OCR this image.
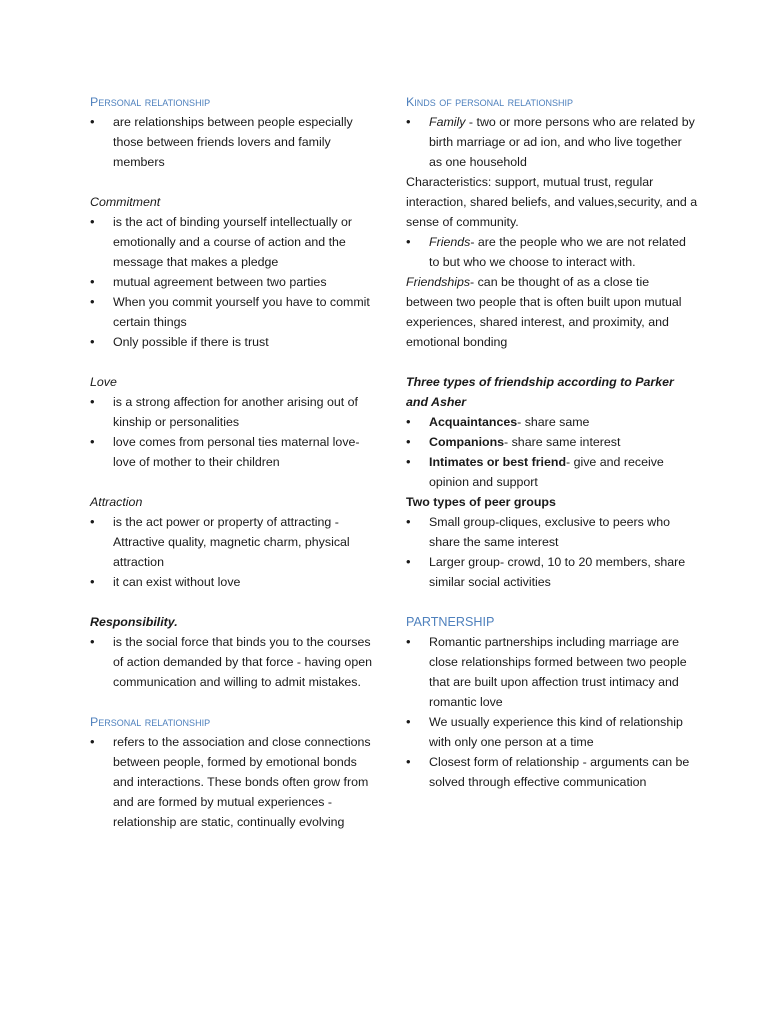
Personal relationship
• are relationships between people especially those between friends lovers and family members
Commitment
• is the act of binding yourself intellectually or emotionally and a course of action and the message that makes a pledge
• mutual agreement between two parties
• When you commit yourself you have to commit certain things
• Only possible if there is trust
Love
• is a strong affection for another arising out of kinship or personalities
• love comes from personal ties maternal love- love of mother to their children
Attraction
• is the act power or property of attracting -Attractive quality, magnetic charm, physical attraction
• it can exist without love
Responsibility.
• is the social force that binds you to the courses of action demanded by that force - having open communication and willing to admit mistakes.
Personal relationship
• refers to the association and close connections between people, formed by emotional bonds and interactions. These bonds often grow from and are formed by mutual experiences - relationship are static, continually evolving
Kinds of personal relationship
• Family - two or more persons who are related by birth marriage or ad ion, and who live together as one household

Characteristics: support, mutual trust, regular interaction, shared beliefs, and values,security, and a sense of community.

• Friends- are the people who we are not related to but who we choose to interact with.

Friendships- can be thought of as a close tie between two people that is often built upon mutual experiences, shared interest, and proximity, and emotional bonding

Three types of friendship according to Parker and Asher

• Acquaintances- share same
• Companions- share same interest
• Intimates or best friend- give and receive opinion and support

Two types of peer groups

• Small group-cliques, exclusive to peers who share the same interest
• Larger group- crowd, 10 to 20 members, share similar social activities
PARTNERSHIP
• Romantic partnerships including marriage are close relationships formed between two people that are built upon affection trust intimacy and romantic love
• We usually experience this kind of relationship with only one person at a time
• Closest form of relationship - arguments can be solved through effective communication
